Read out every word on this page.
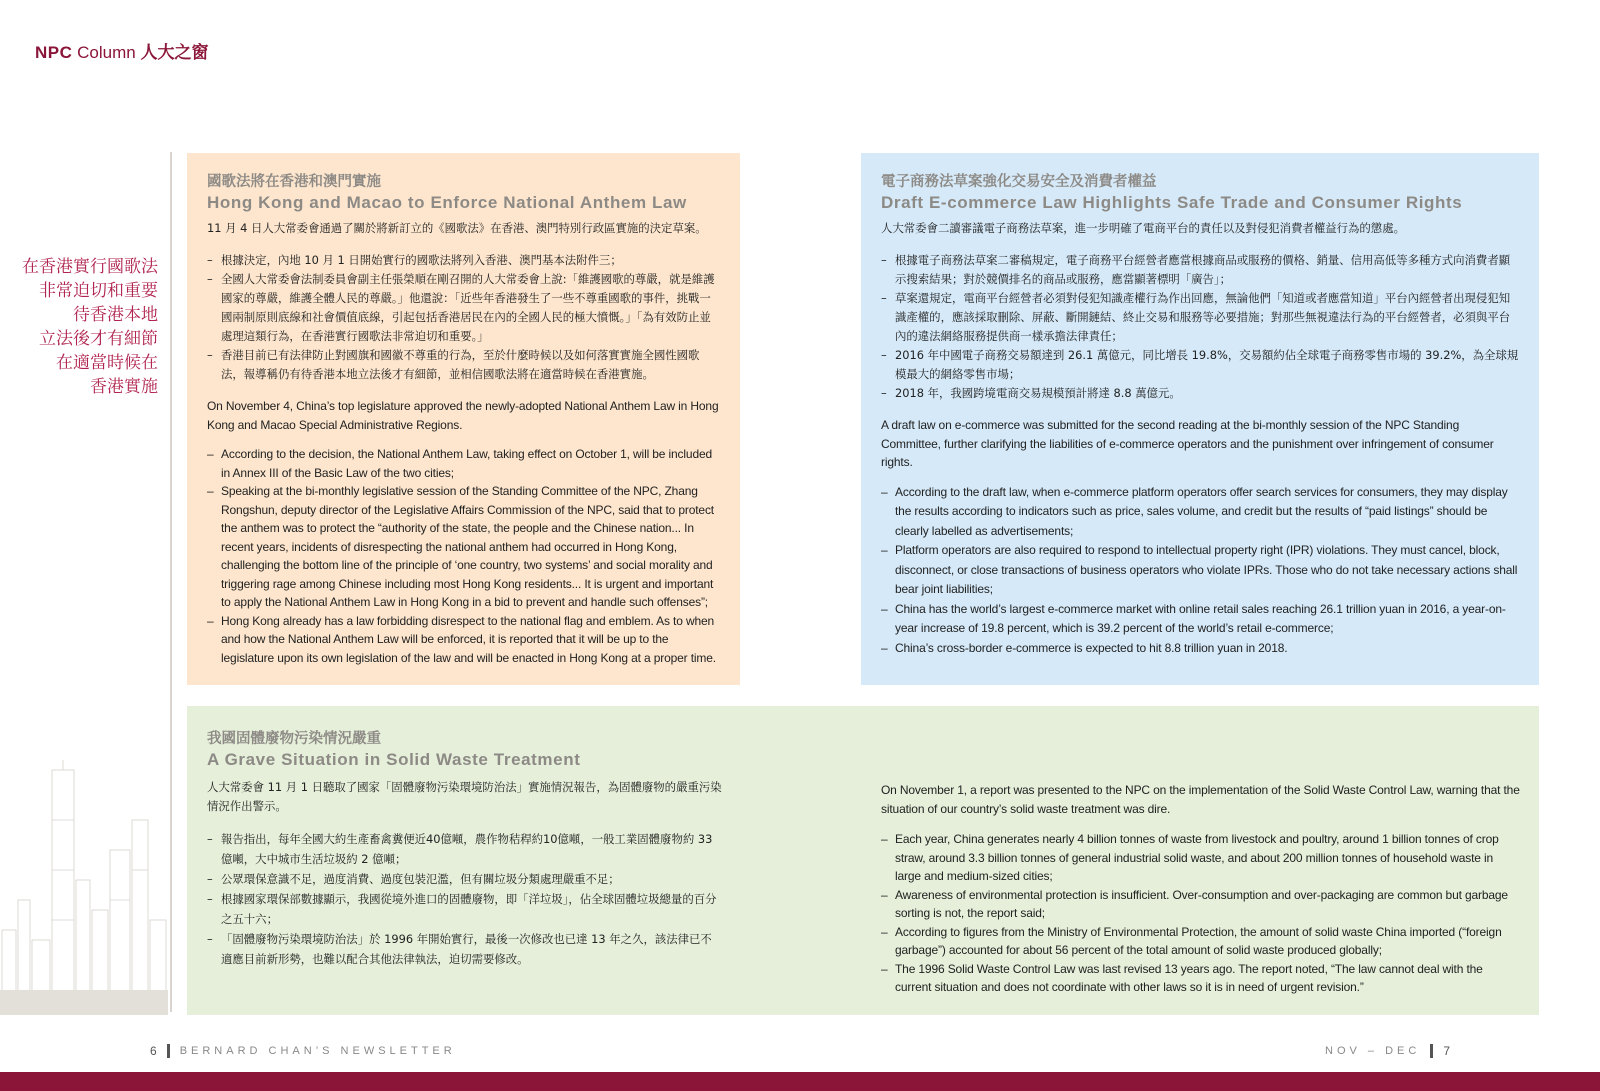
NPC Column 人大之窗
在香港實行國歌法
非常迫切和重要
待香港本地
立法後才有細節
在適當時候在
香港實施
國歌法將在香港和澳門實施
Hong Kong and Macao to Enforce National Anthem Law

11 月 4 日人大常委會通過了關於將新訂立的《國歌法》在香港、澳門特別行政區實施的決定草案。

– 根據決定，內地 10 月 1 日開始實行的國歌法將列入香港、澳門基本法附件三；
– 全國人大常委會法制委員會副主任張榮順在剛召開的人大常委會上說:「維護國歌的尊嚴，就是維護國家的尊嚴，維護全體人民的尊嚴。」他還說：「近些年香港發生了一些不尊重國歌的事件，挑戰一國兩制原則底線和社會價值底線，引起包括香港居民在內的全國人民的極大憤慨。」「為有效防止並處理這類行為，在香港實行國歌法非常迫切和重要。」
– 香港目前已有法律防止對國旗和國徽不尊重的行為，至於什麼時候以及如何落實實施全國性國歌法，報導稱仍有待香港本地立法後才有細節，並相信國歌法將在適當時候在香港實施。

On November 4, China’s top legislature approved the newly-adopted National Anthem Law in Hong Kong and Macao Special Administrative Regions.

– According to the decision, the National Anthem Law, taking effect on October 1, will be included in Annex III of the Basic Law of the two cities;
– Speaking at the bi-monthly legislative session of the Standing Committee of the NPC, Zhang Rongshun, deputy director of the Legislative Affairs Commission of the NPC, said that to protect the anthem was to protect the “authority of the state, the people and the Chinese nation... In recent years, incidents of disrespecting the national anthem had occurred in Hong Kong, challenging the bottom line of the principle of ‘one country, two systems’ and social morality and triggering rage among Chinese including most Hong Kong residents... It is urgent and important to apply the National Anthem Law in Hong Kong in a bid to prevent and handle such offenses”;
– Hong Kong already has a law forbidding disrespect to the national flag and emblem. As to when and how the National Anthem Law will be enforced, it is reported that it will be up to the legislature upon its own legislation of the law and will be enacted in Hong Kong at a proper time.
電子商務法草案強化交易安全及消費者權益
Draft E-commerce Law Highlights Safe Trade and Consumer Rights

人大常委會二讀審議電子商務法草案，進一步明確了電商平台的責任以及對侵犯消費者權益行為的懲處。

– 根據電子商務法草案二審稿規定，電子商務平台經營者應當根據商品或服務的價格、銷量、信用高低等多種方式向消費者顯示搜索結果；對於競價排名的商品或服務，應當顯著標明「廣告」；
– 草案還規定，電商平台經營者必須對侵犯知識產權行為作出回應，無論他們「知道或者應當知道」平台內經營者出現侵犯知識產權的，應該採取刪除、屏蔽、斷開鏈結、終止交易和服務等必要措施；對那些無視違法行為的平台經營者，必須與平台內的違法網絡服務提供商一樣承擔法律責任；
– 2016 年中國電子商務交易額達到 26.1 萬億元，同比增長 19.8%，交易額約佔全球電子商務零售市場的 39.2%，為全球規模最大的網絡零售市場；
– 2018 年，我國跨境電商交易規模預計將達 8.8 萬億元。

A draft law on e-commerce was submitted for the second reading at the bi-monthly session of the NPC Standing Committee, further clarifying the liabilities of e-commerce operators and the punishment over infringement of consumer rights.

– According to the draft law, when e-commerce platform operators offer search services for consumers, they may display the results according to indicators such as price, sales volume, and credit but the results of “paid listings” should be clearly labelled as advertisements;
– Platform operators are also required to respond to intellectual property right (IPR) violations. They must cancel, block, disconnect, or close transactions of business operators who violate IPRs. Those who do not take necessary actions shall bear joint liabilities;
– China has the world’s largest e-commerce market with online retail sales reaching 26.1 trillion yuan in 2016, a year-on-year increase of 19.8 percent, which is 39.2 percent of the world’s retail e-commerce;
– China’s cross-border e-commerce is expected to hit 8.8 trillion yuan in 2018.
我國固體廢物污染情況嚴重
A Grave Situation in Solid Waste Treatment

人大常委會 11 月 1 日聽取了國家「固體廢物污染環境防治法」實施情況報告，為固體廢物的嚴重污染情況作出警示。

– 報告指出，每年全國大約生產畜禽糞便近40億噸，農作物秸稈約10億噸，一般工業固體廢物約 33 億噸，大中城市生活垃圾約 2 億噸；
– 公眾環保意識不足，過度消費、過度包裝氾濫，但有關垃圾分類處理嚴重不足；
– 根據國家環保部數據顯示，我國從境外進口的固體廢物，即「洋垃圾」，佔全球固體垃圾總量的百分之五十六；
– 「固體廢物污染環境防治法」於 1996 年開始實行，最後一次修改也已達 13 年之久，該法律已不適應目前新形勢，也難以配合其他法律執法，迫切需要修改。

On November 1, a report was presented to the NPC on the implementation of the Solid Waste Control Law, warning that the situation of our country’s solid waste treatment was dire.

– Each year, China generates nearly 4 billion tonnes of waste from livestock and poultry, around 1 billion tonnes of crop straw, around 3.3 billion tonnes of general industrial solid waste, and about 200 million tonnes of household waste in large and medium-sized cities;
– Awareness of environmental protection is insufficient. Over-consumption and over-packaging are common but garbage sorting is not, the report said;
– According to figures from the Ministry of Environmental Protection, the amount of solid waste China imported (“foreign garbage”) accounted for about 56 percent of the total amount of solid waste produced globally;
– The 1996 Solid Waste Control Law was last revised 13 years ago. The report noted, “The law cannot deal with the current situation and does not coordinate with other laws so it is in need of urgent revision.”
6 BERNARD CHAN’S NEWSLETTER	NOV – DEC 7
